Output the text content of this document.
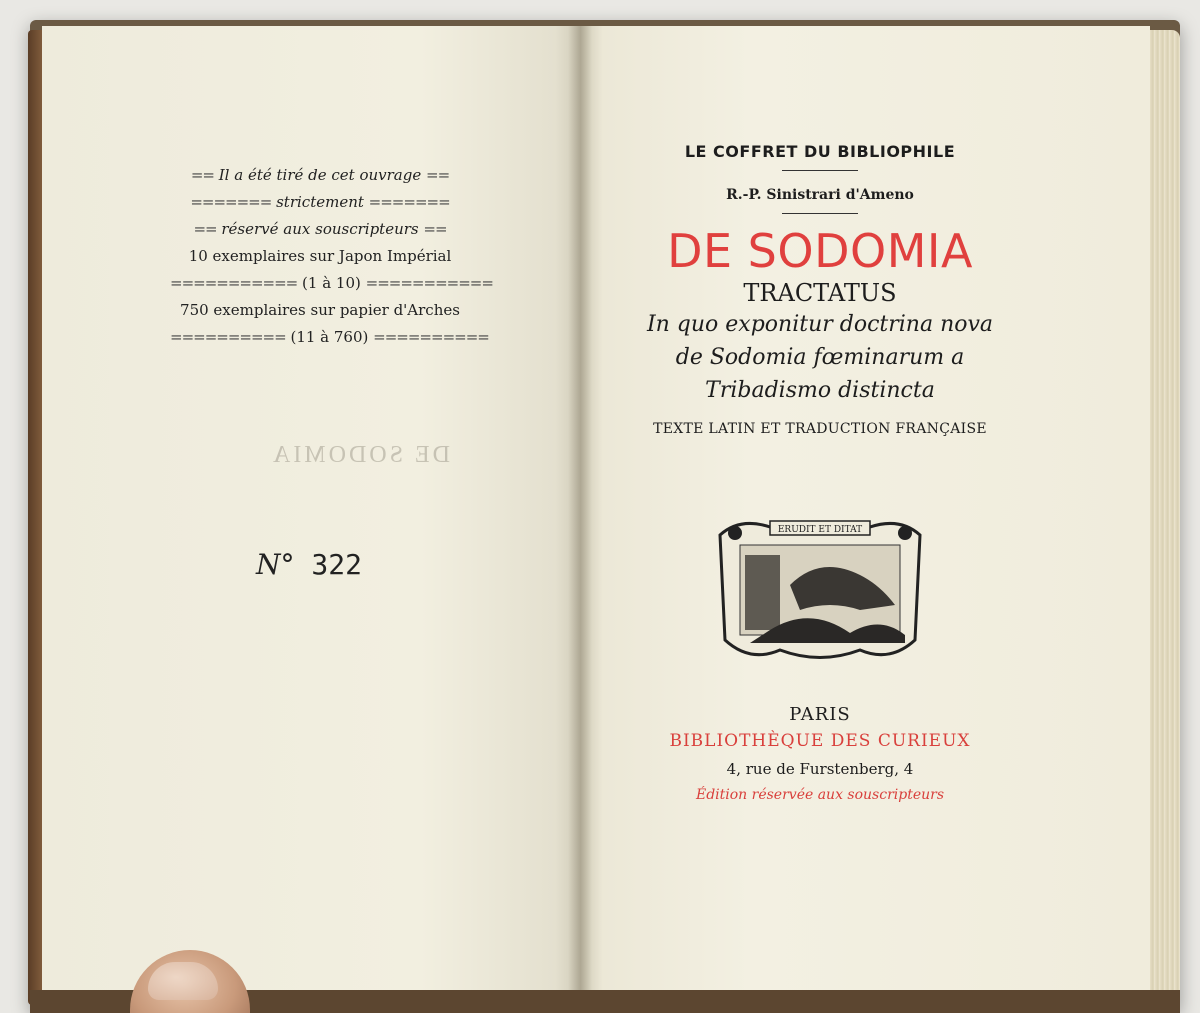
DE SODOMIA
== Il a été tiré de cet ouvrage ==
======= strictement =======
== réservé aux souscripteurs ==
10 exemplaires sur Japon Impérial
=========== (1 à 10) ===========
750 exemplaires sur papier d'Arches
========== (11 à 760) ==========
N° 322
LE COFFRET DU BIBLIOPHILE
R.-P. Sinistrari d'Ameno
DE SODOMIA
TRACTATUS
In quo exponitur doctrina nova
de Sodomia fœminarum a
Tribadismo distincta
TEXTE LATIN ET TRADUCTION FRANÇAISE
ERUDIT ET DITAT
PARIS
BIBLIOTHÈQUE DES CURIEUX
4, rue de Furstenberg, 4
Édition réservée aux souscripteurs
